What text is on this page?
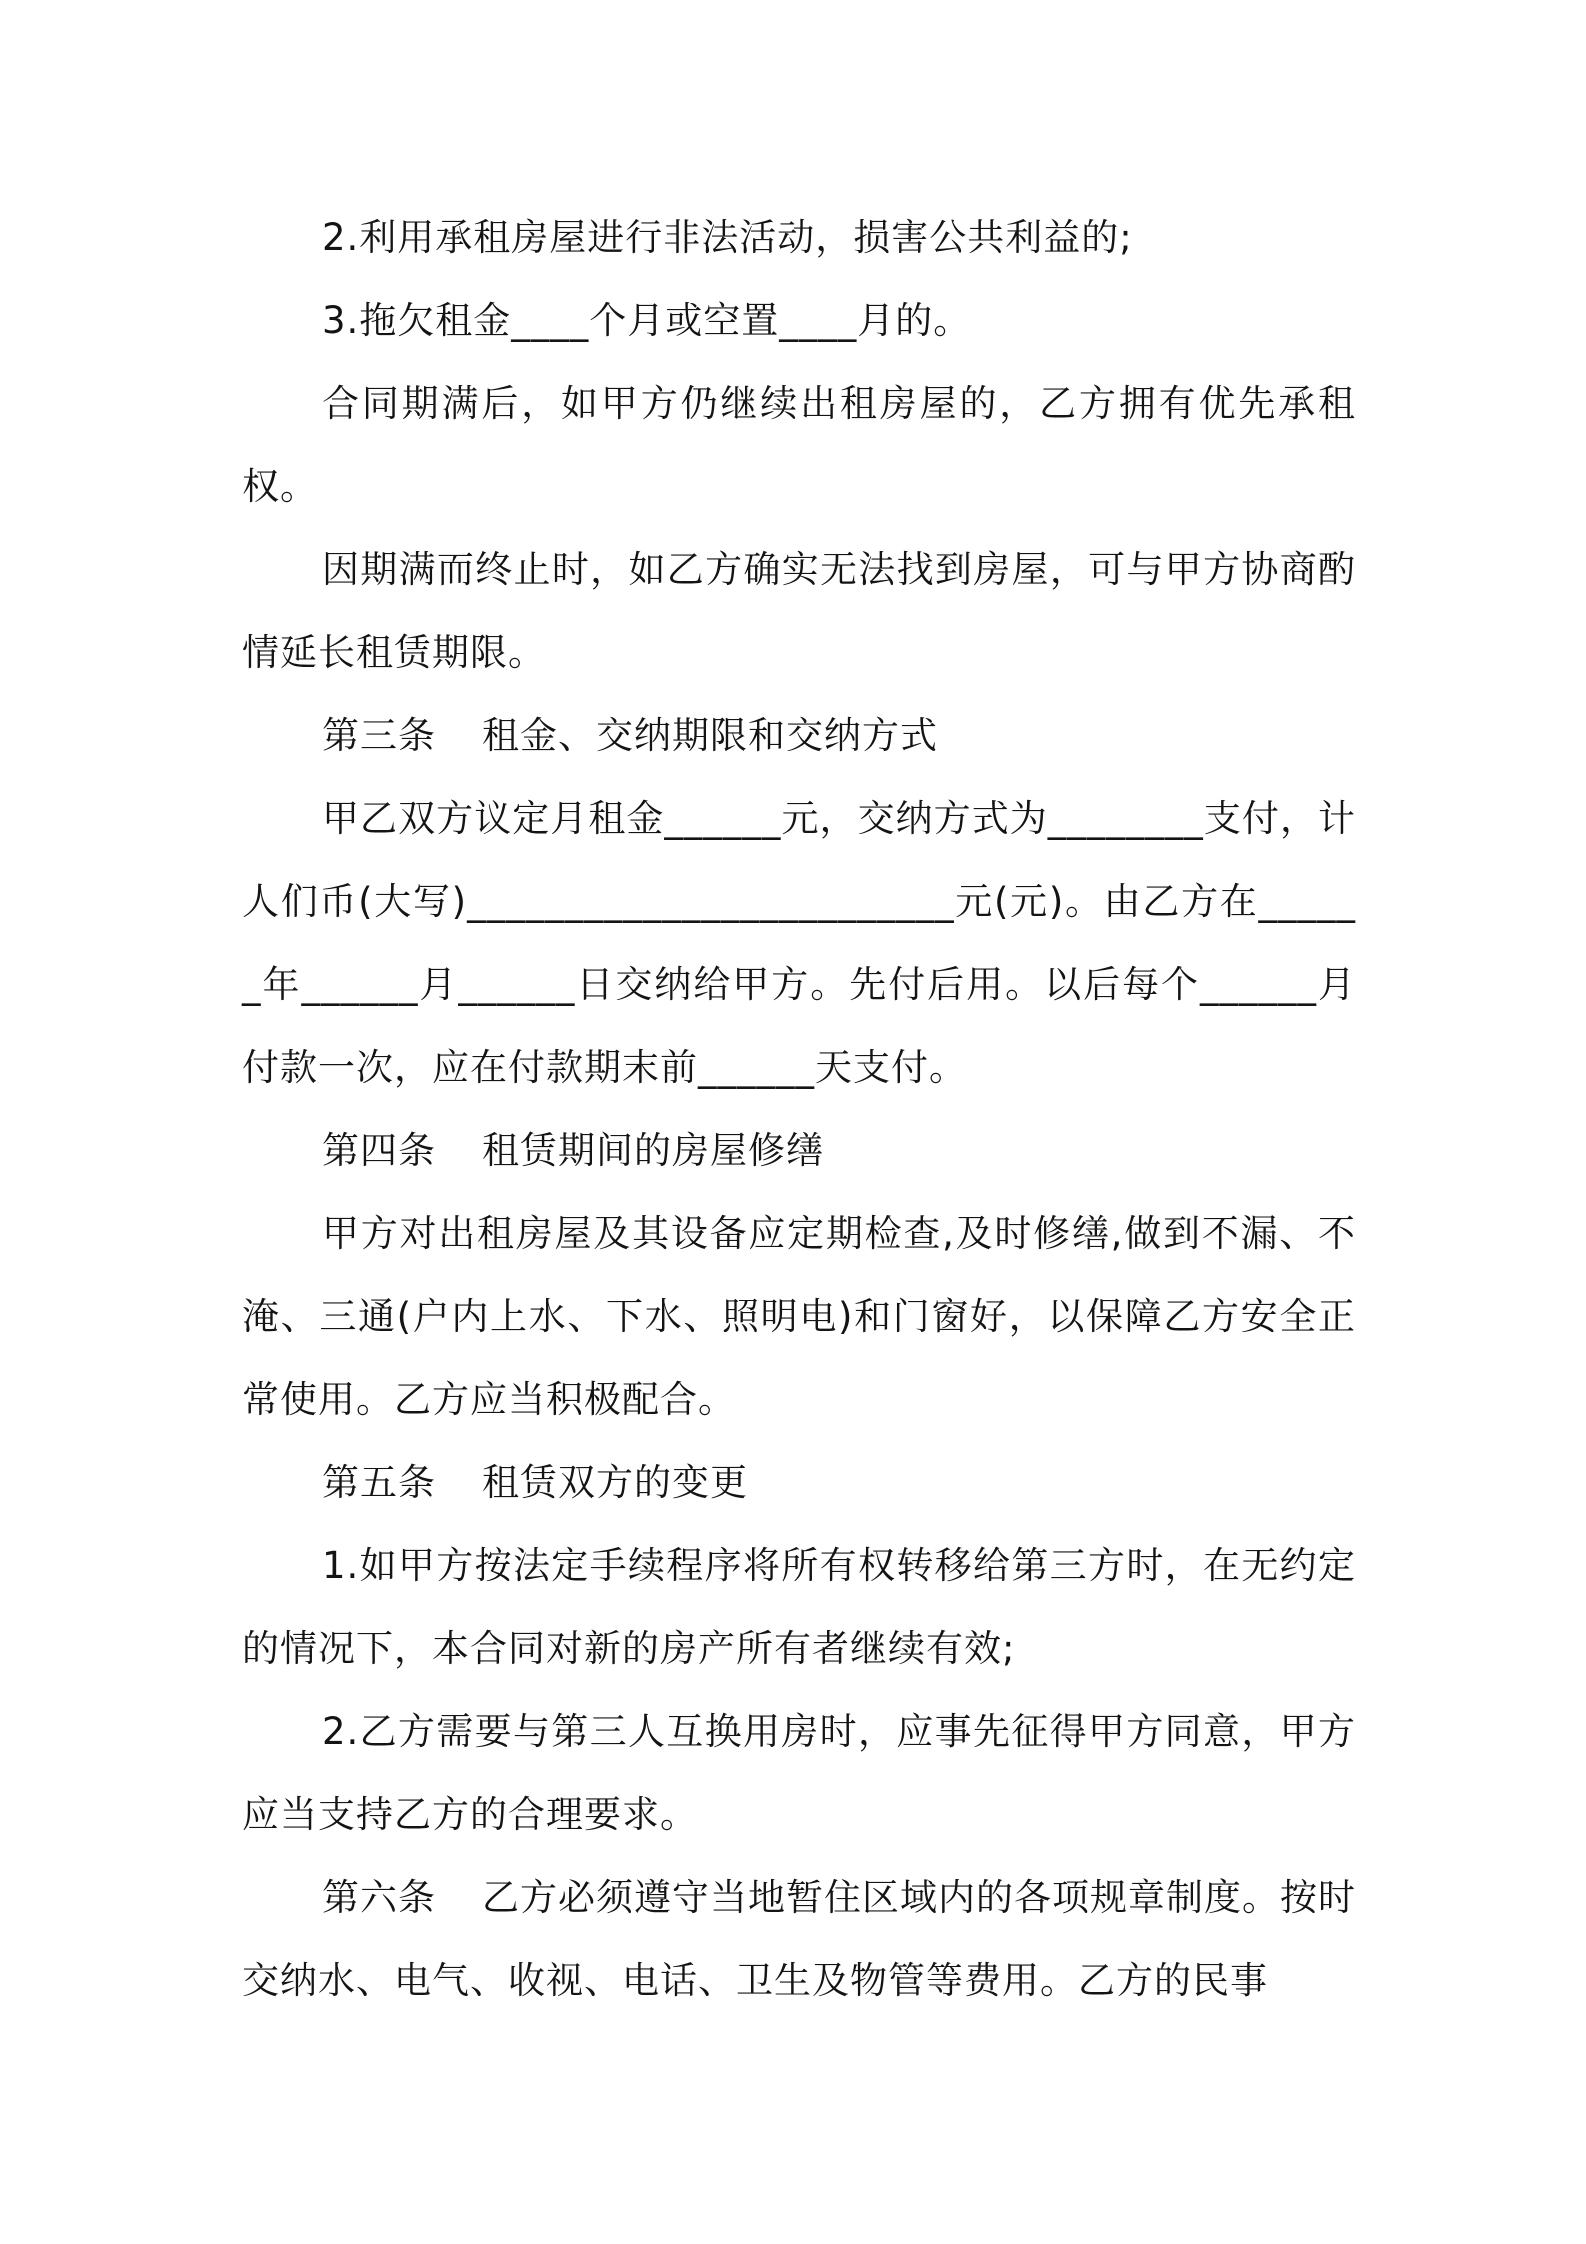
2.利用承租房屋进行非法活动，损害公共利益的;

3.拖欠租金____个月或空置____月的。

合同期满后，如甲方仍继续出租房屋的，乙方拥有优先承租权。

因期满而终止时，如乙方确实无法找到房屋，可与甲方协商酌情延长租赁期限。

第三条 租金、交纳期限和交纳方式

甲乙双方议定月租金______元，交纳方式为________支付，计人们币(大写)_________________________元(元)。由乙方在______年______月______日交纳给甲方。先付后用。以后每个______月付款一次，应在付款期末前______天支付。

第四条 租赁期间的房屋修缮

甲方对出租房屋及其设备应定期检查,及时修缮,做到不漏、不淹、三通(户内上水、下水、照明电)和门窗好，以保障乙方安全正常使用。乙方应当积极配合。

第五条 租赁双方的变更

1.如甲方按法定手续程序将所有权转移给第三方时，在无约定的情况下，本合同对新的房产所有者继续有效;

2.乙方需要与第三人互换用房时，应事先征得甲方同意，甲方应当支持乙方的合理要求。

第六条 乙方必须遵守当地暂住区域内的各项规章制度。按时交纳水、电气、收视、电话、卫生及物管等费用。乙方的民事
